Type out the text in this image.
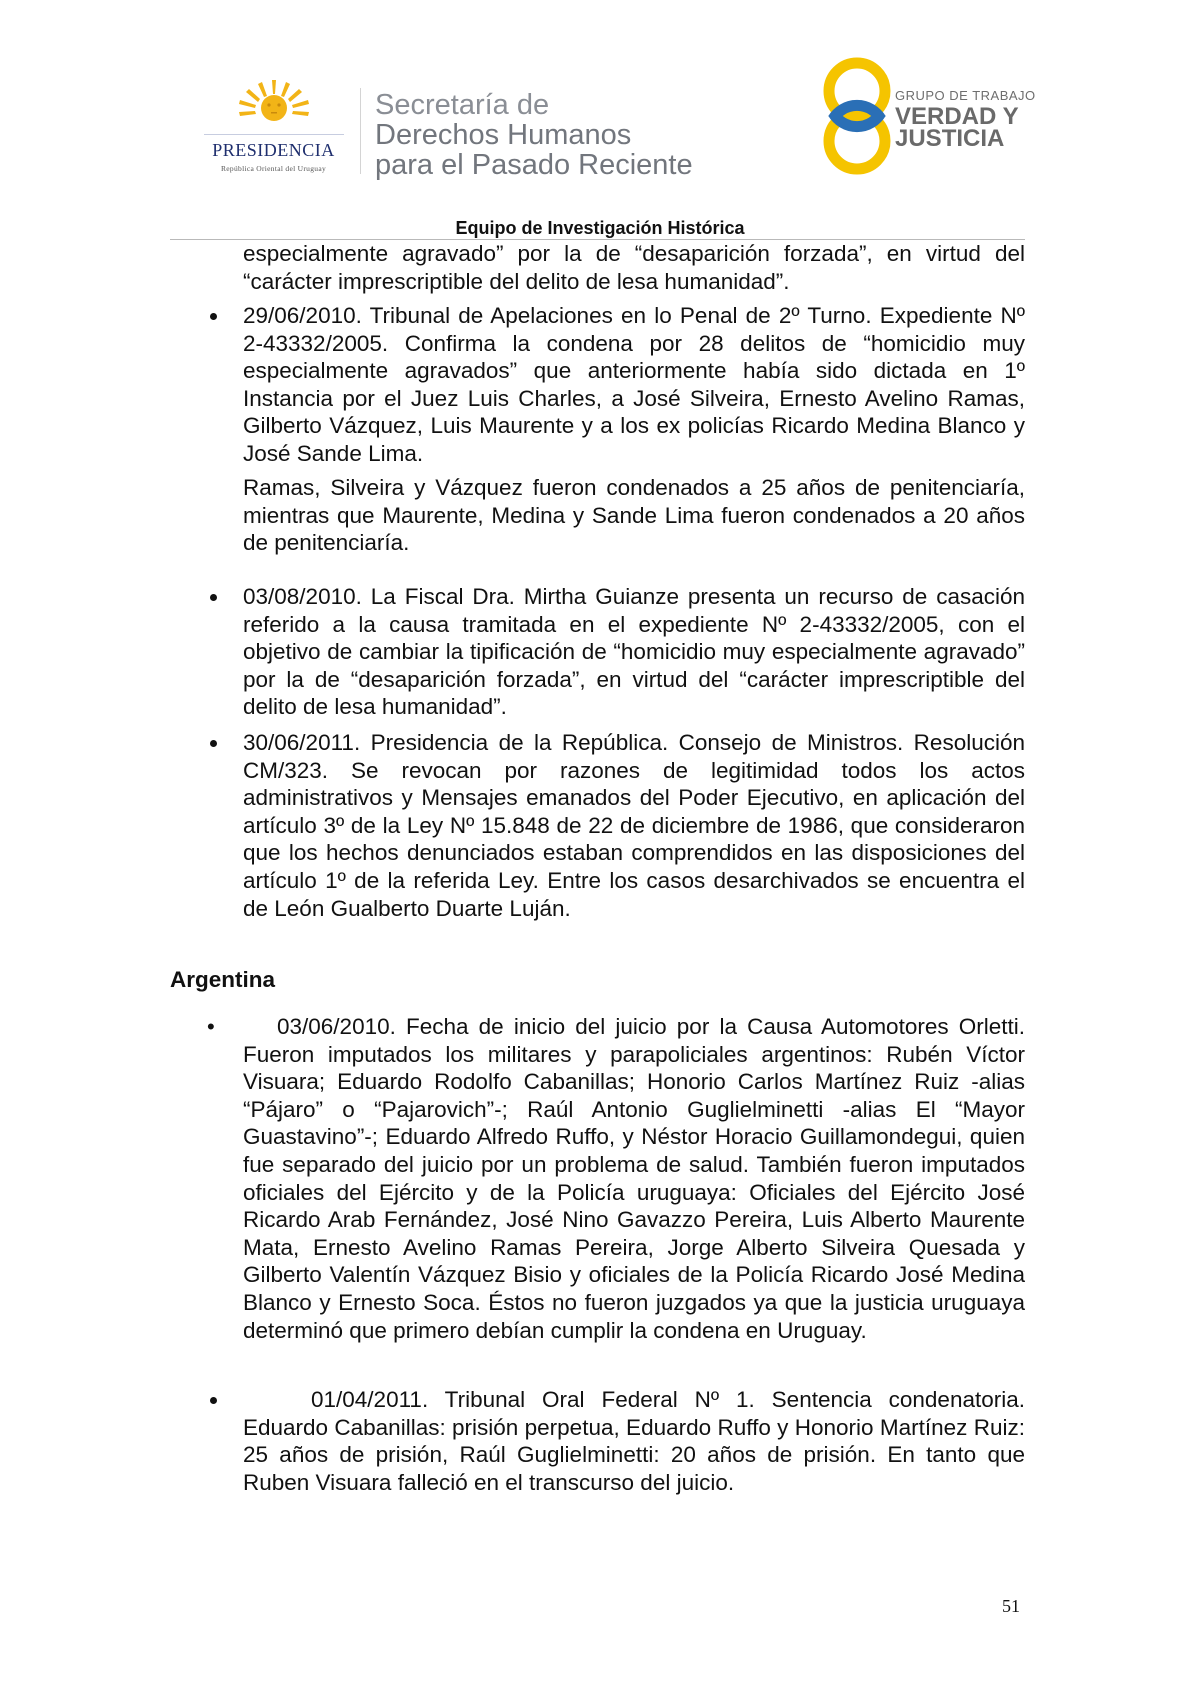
PRESIDENCIA
República Oriental del Uruguay
Secretaría de
Derechos Humanos
para el Pasado Reciente
GRUPO DE TRABAJO
VERDAD Y
JUSTICIA
Equipo de Investigación Histórica
especialmente agravado” por la de “desaparición forzada”, en virtud del “carácter imprescriptible del delito de lesa humanidad”.
29/06/2010. Tribunal de Apelaciones en lo Penal de 2º Turno. Expediente Nº 2-43332/2005. Confirma la condena por 28 delitos de “homicidio muy especialmente agravados” que anteriormente había sido dictada en 1º Instancia por el Juez Luis Charles, a José Silveira, Ernesto Avelino Ramas, Gilberto Vázquez, Luis Maurente y a los ex policías Ricardo Medina Blanco y José Sande Lima.
Ramas, Silveira y Vázquez fueron condenados a 25 años de penitenciaría, mientras que Maurente, Medina y Sande Lima fueron condenados a 20 años de penitenciaría.
03/08/2010. La Fiscal Dra. Mirtha Guianze presenta un recurso de casación referido a la causa tramitada en el expediente Nº 2-43332/2005, con el objetivo de cambiar la tipificación de “homicidio muy especialmente agravado” por la de “desaparición forzada”, en virtud del “carácter imprescriptible del delito de lesa humanidad”.
30/06/2011. Presidencia de la República. Consejo de Ministros. Resolución CM/323. Se revocan por razones de legitimidad todos los actos administrativos y Mensajes emanados del Poder Ejecutivo, en aplicación del artículo 3º de la Ley Nº 15.848 de 22 de diciembre de 1986, que consideraron que los hechos denunciados estaban comprendidos en las disposiciones del artículo 1º de la referida Ley. Entre los casos desarchivados se encuentra el de León Gualberto Duarte Luján.
Argentina
•	03/06/2010. Fecha de inicio del juicio por la Causa Automotores Orletti. Fueron imputados los militares y parapoliciales argentinos: Rubén Víctor Visuara; Eduardo Rodolfo Cabanillas; Honorio Carlos Martínez Ruiz -alias “Pájaro” o “Pajarovich”-; Raúl Antonio Guglielminetti -alias El “Mayor Guastavino”-; Eduardo Alfredo Ruffo, y Néstor Horacio Guillamondegui, quien fue separado del juicio por un problema de salud. También fueron imputados oficiales del Ejército y de la Policía uruguaya: Oficiales del Ejército José Ricardo Arab Fernández, José Nino Gavazzo Pereira, Luis Alberto Maurente Mata, Ernesto Avelino Ramas Pereira, Jorge Alberto Silveira Quesada y Gilberto Valentín Vázquez Bisio y oficiales de la Policía Ricardo José Medina Blanco y Ernesto Soca. Éstos no fueron juzgados ya que la justicia uruguaya determinó que primero debían cumplir la condena en Uruguay.
01/04/2011. Tribunal Oral Federal Nº 1. Sentencia condenatoria. Eduardo Cabanillas: prisión perpetua, Eduardo Ruffo y Honorio Martínez Ruiz: 25 años de prisión, Raúl Guglielminetti: 20 años de prisión. En tanto que Ruben Visuara falleció en el transcurso del juicio.
51
